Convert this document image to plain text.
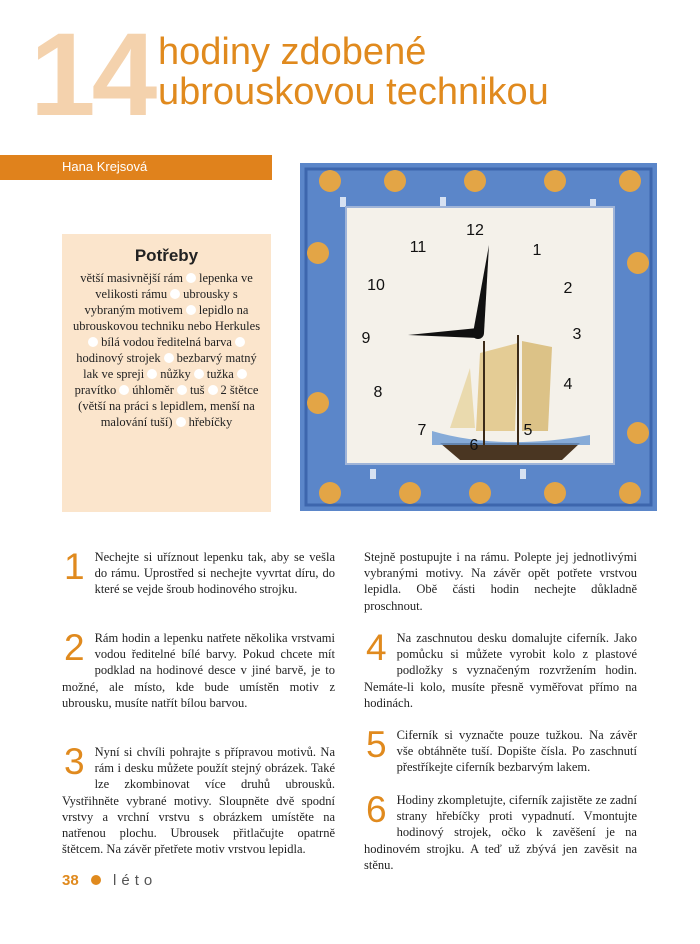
14 hodiny zdobené
ubrouskovou technikou
Hana Krejsová
Potřeby
větší masivnější rám lepenka ve velikosti rámu ubrousky s vybraným motivem lepidlo na ubrouskovou techniku nebo Herkulesbílá vodou ředitelná barvahodinový strojek bezbarvý matný lak ve spreji nůžky tužkapravítko úhloměr tuš 2 štětce (větší na práci s lepidlem, menší na malování tuší) hřebíčky
12
1
2
3
4
5
6
7
8
9
10
11
1 Nechejte si uříznout lepenku tak, aby se vešla do rámu. Uprostřed si nechejte vyvrtat díru, do které se vejde šroub hodinového strojku.
2 Rám hodin a lepenku natřete několika vrstvami vodou ředitelné bílé barvy. Pokud chcete mít podklad na hodinové desce v jiné barvě, je to možné, ale místo, kde bude umístěn motiv z ubrousku, musíte natřít bílou barvou.
3 Nyní si chvíli pohrajte s přípravou motivů. Na rám i desku můžete použít stejný obrázek. Také lze zkombinovat více druhů ubrousků. Vystřihněte vybrané motivy. Sloupněte dvě spodní vrstvy a vrchní vrstvu s obrázkem umístěte na natřenou plochu. Ubrousek přitlačujte opatrně štětcem. Na závěr přetřete motiv vrstvou lepidla.
Stejně postupujte i na rámu. Polepte jej jednotlivými vybranými motivy. Na závěr opět potřete vrstvou lepidla. Obě části hodin nechejte důkladně proschnout.
4 Na zaschnutou desku domalujte ciferník. Jako pomůcku si můžete vyrobit kolo z plastové podložky s vyznačeným rozvržením hodin. Nemáte-li kolo, musíte přesně vyměřovat přímo na hodinách.
5 Ciferník si vyznačte pouze tužkou. Na závěr vše obtáhněte tuší. Dopište čísla. Po zaschnutí přestříkejte ciferník bezbarvým lakem.
6 Hodiny zkompletujte, ciferník zajistěte ze zadní strany hřebíčky proti vypadnutí. Vmontujte hodinový strojek, očko k zavěšení je na hodinovém strojku. A teď už zbývá jen zavěsit na stěnu.
38 léto
